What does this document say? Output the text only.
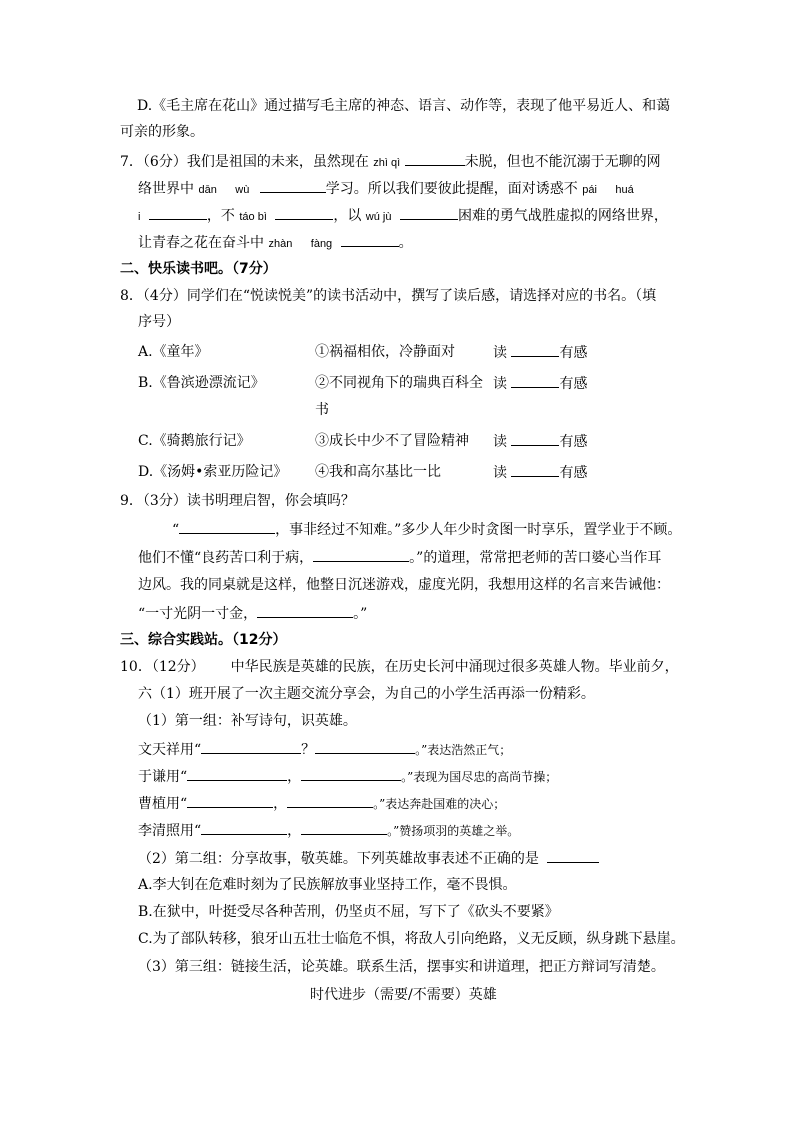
D.《毛主席在花山》通过描写毛主席的神态、语言、动作等，表现了他平易近人、和蔼
可亲的形象。
7．（6分）我们是祖国的未来，虽然现在 zhì qì	未脱，但也不能沉溺于无聊的网
络世界中 dān wù	学习。所以我们要彼此提醒，面对诱惑不 pái huá
i	，不 táo bì	，以 wú jù	困难的勇气战胜虚拟的网络世界，
让青春之花在奋斗中 zhàn fàng	。
二、快乐读书吧。（7分）
8．（4分）同学们在“悦读悦美”的读书活动中，撰写了读后感，请选择对应的书名。（填
序号）
A.《童年》	①祸福相依，冷静面对	读	有感
B.《鲁滨逊漂流记》	②不同视角下的瑞典百科全 读	有感
书
C.《骑鹅旅行记》	③成长中少不了冒险精神 读	有感
D.《汤姆•索亚历险记》 ④我和高尔基比一比	读	有感
9．（3分）读书明理启智，你会填吗？
“	，事非经过不知难。”多少人年少时贪图一时享乐，置学业于不顾。
他们不懂“良药苦口利于病，	。”的道理，常常把老师的苦口婆心当作耳
边风。我的同桌就是这样，他整日沉迷游戏，虚度光阴，我想用这样的名言来告诫他：
“一寸光阴一寸金，	。”
三、综合实践站。（12分）
10．（12分） 中华民族是英雄的民族，在历史长河中涌现过很多英雄人物。毕业前夕，
六（1）班开展了一次主题交流分享会，为自己的小学生活再添一份精彩。
（1）第一组：补写诗句，识英雄。
文天祥用“	？	。”表达浩然正气；
于谦用“	，	。”表现为国尽忠的高尚节操；
曹植用“	，	。”表达奔赴国难的决心；
李清照用“	，	。”赞扬项羽的英雄之举。
（2）第二组：分享故事，敬英雄。下列英雄故事表述不正确的是
A.李大钊在危难时刻为了民族解放事业坚持工作，毫不畏惧。
B.在狱中，叶挺受尽各种苦刑，仍坚贞不屈，写下了《砍头不要紧》
C.为了部队转移，狼牙山五壮士临危不惧，将敌人引向绝路，义无反顾，纵身跳下悬崖。
（3）第三组：链接生活，论英雄。联系生活，摆事实和讲道理，把正方辩词写清楚。
时代进步（需要/不需要）英雄
